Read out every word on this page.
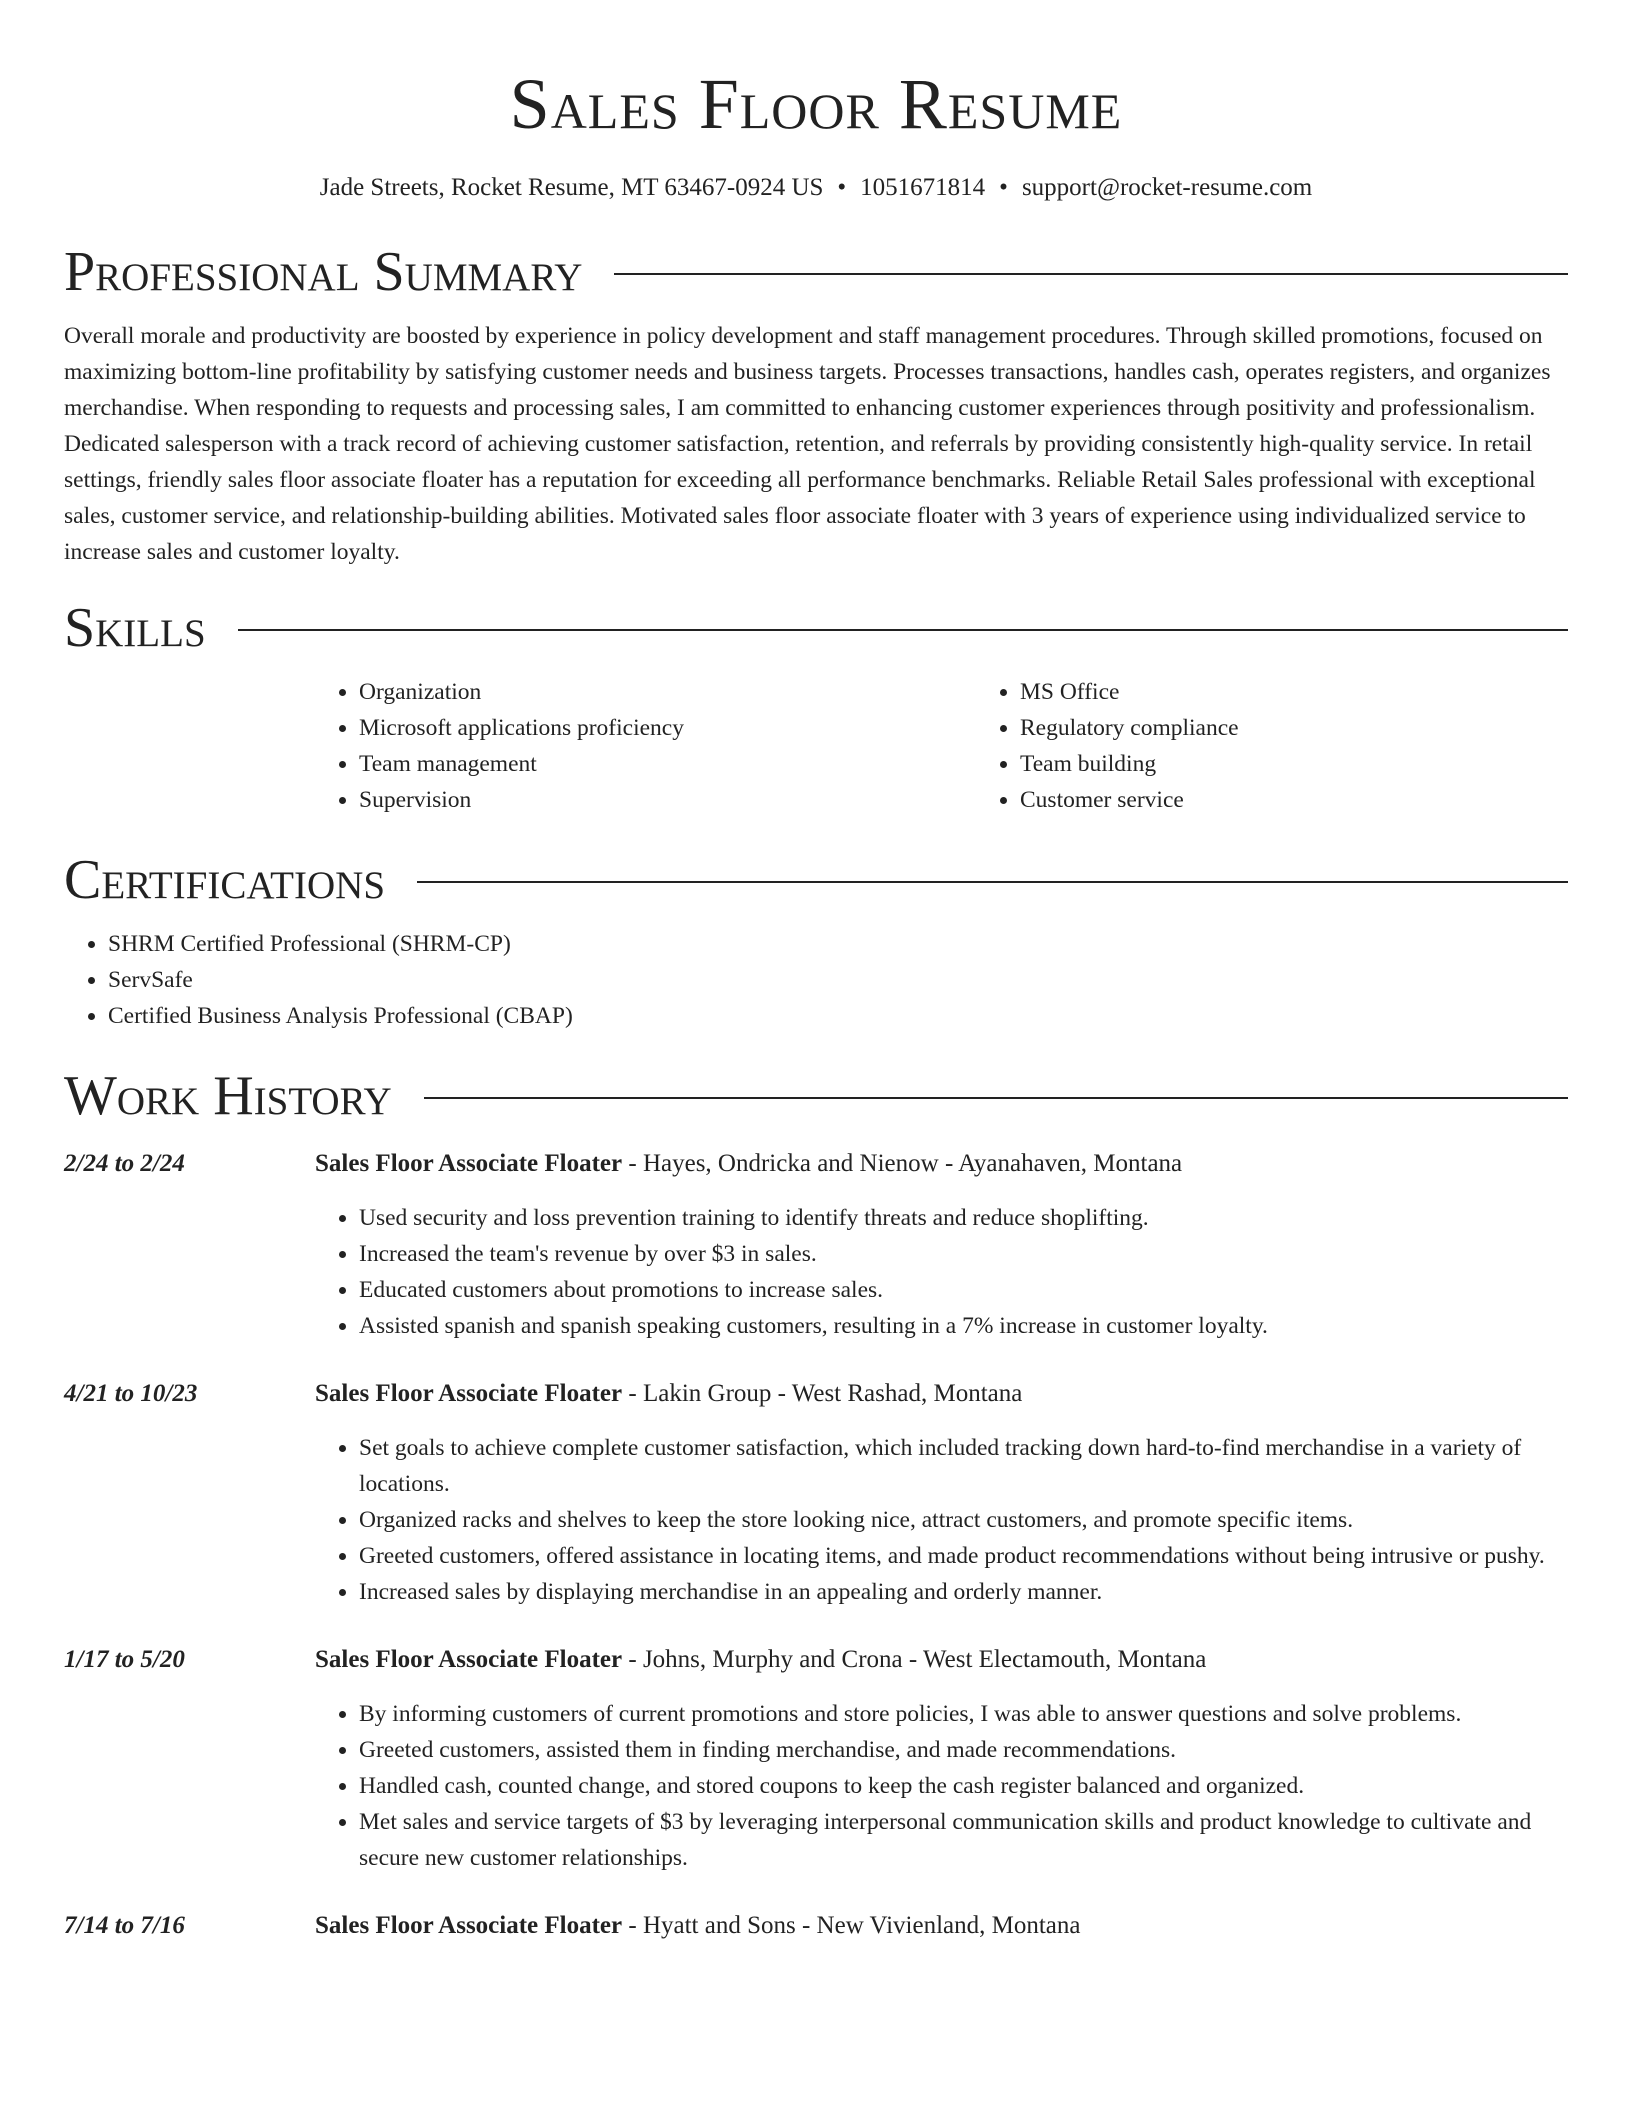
Sales Floor Resume
Jade Streets, Rocket Resume, MT 63467-0924 US • 1051671814 • support@rocket-resume.com
Professional Summary

Overall morale and productivity are boosted by experience in policy development and staff management procedures. Through skilled promotions, focused on maximizing bottom-line profitability by satisfying customer needs and business targets. Processes transactions, handles cash, operates registers, and organizes merchandise. When responding to requests and processing sales, I am committed to enhancing customer experiences through positivity and professionalism. Dedicated salesperson with a track record of achieving customer satisfaction, retention, and referrals by providing consistently high-quality service. In retail settings, friendly sales floor associate floater has a reputation for exceeding all performance benchmarks. Reliable Retail Sales professional with exceptional sales, customer service, and relationship-building abilities. Motivated sales floor associate floater with 3 years of experience using individualized service to increase sales and customer loyalty.

Skills
• Organization
• Microsoft applications proficiency
• Team management
• Supervision
• MS Office
• Regulatory compliance
• Team building
• Customer service
Certifications
• SHRM Certified Professional (SHRM-CP)
• ServSafe
• Certified Business Analysis Professional (CBAP)
Work History
2/24 to 2/24	Sales Floor Associate Floater - Hayes, Ondricka and Nienow - Ayanahaven, Montana
• Used security and loss prevention training to identify threats and reduce shoplifting.
• Increased the team's revenue by over $3 in sales.
• Educated customers about promotions to increase sales.
• Assisted spanish and spanish speaking customers, resulting in a 7% increase in customer loyalty.
4/21 to 10/23	Sales Floor Associate Floater - Lakin Group - West Rashad, Montana
• Set goals to achieve complete customer satisfaction, which included tracking down hard-to-find merchandise in a variety of locations.
• Organized racks and shelves to keep the store looking nice, attract customers, and promote specific items.
• Greeted customers, offered assistance in locating items, and made product recommendations without being intrusive or pushy.
• Increased sales by displaying merchandise in an appealing and orderly manner.
1/17 to 5/20	Sales Floor Associate Floater - Johns, Murphy and Crona - West Electamouth, Montana
• By informing customers of current promotions and store policies, I was able to answer questions and solve problems.
• Greeted customers, assisted them in finding merchandise, and made recommendations.
• Handled cash, counted change, and stored coupons to keep the cash register balanced and organized.
• Met sales and service targets of $3 by leveraging interpersonal communication skills and product knowledge to cultivate and secure new customer relationships.
7/14 to 7/16	Sales Floor Associate Floater - Hyatt and Sons - New Vivienland, Montana
